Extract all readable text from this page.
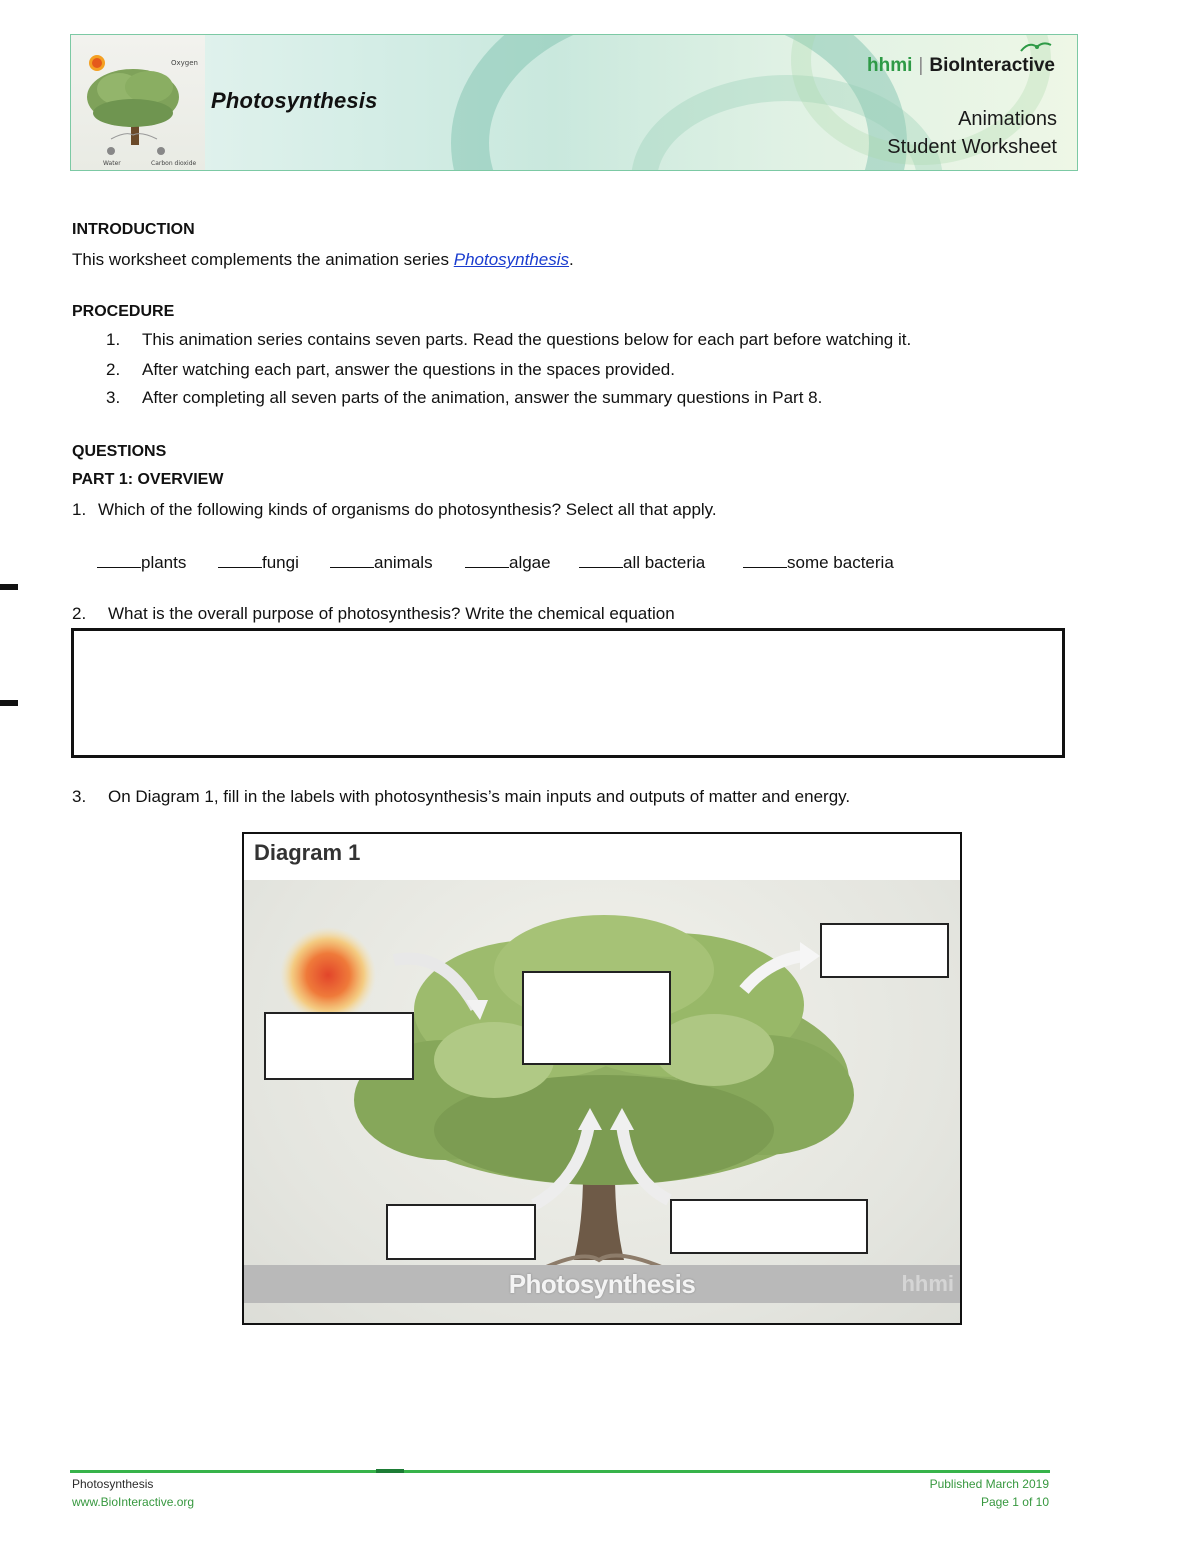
Oxygen
Water	Carbon dioxide
Photosynthesis
hhmi | BioInteractive
Animations
Student Worksheet
INTRODUCTION
This worksheet complements the animation series Photosynthesis.
PROCEDURE
1. This animation series contains seven parts. Read the questions below for each part before watching it.
2. After watching each part, answer the questions in the spaces provided.
3. After completing all seven parts of the animation, answer the summary questions in Part 8.
QUESTIONS
PART 1: OVERVIEW
1. Which of the following kinds of organisms do photosynthesis? Select all that apply.
plants	fungi	animals	algae	all bacteria	some bacteria
2. What is the overall purpose of photosynthesis? Write the chemical equation
3. On Diagram 1, fill in the labels with photosynthesis’s main inputs and outputs of matter and energy.
Diagram 1
Photosynthesis	hhmi
Photosynthesis
www.BioInteractive.org
Published March 2019
Page 1 of 10
